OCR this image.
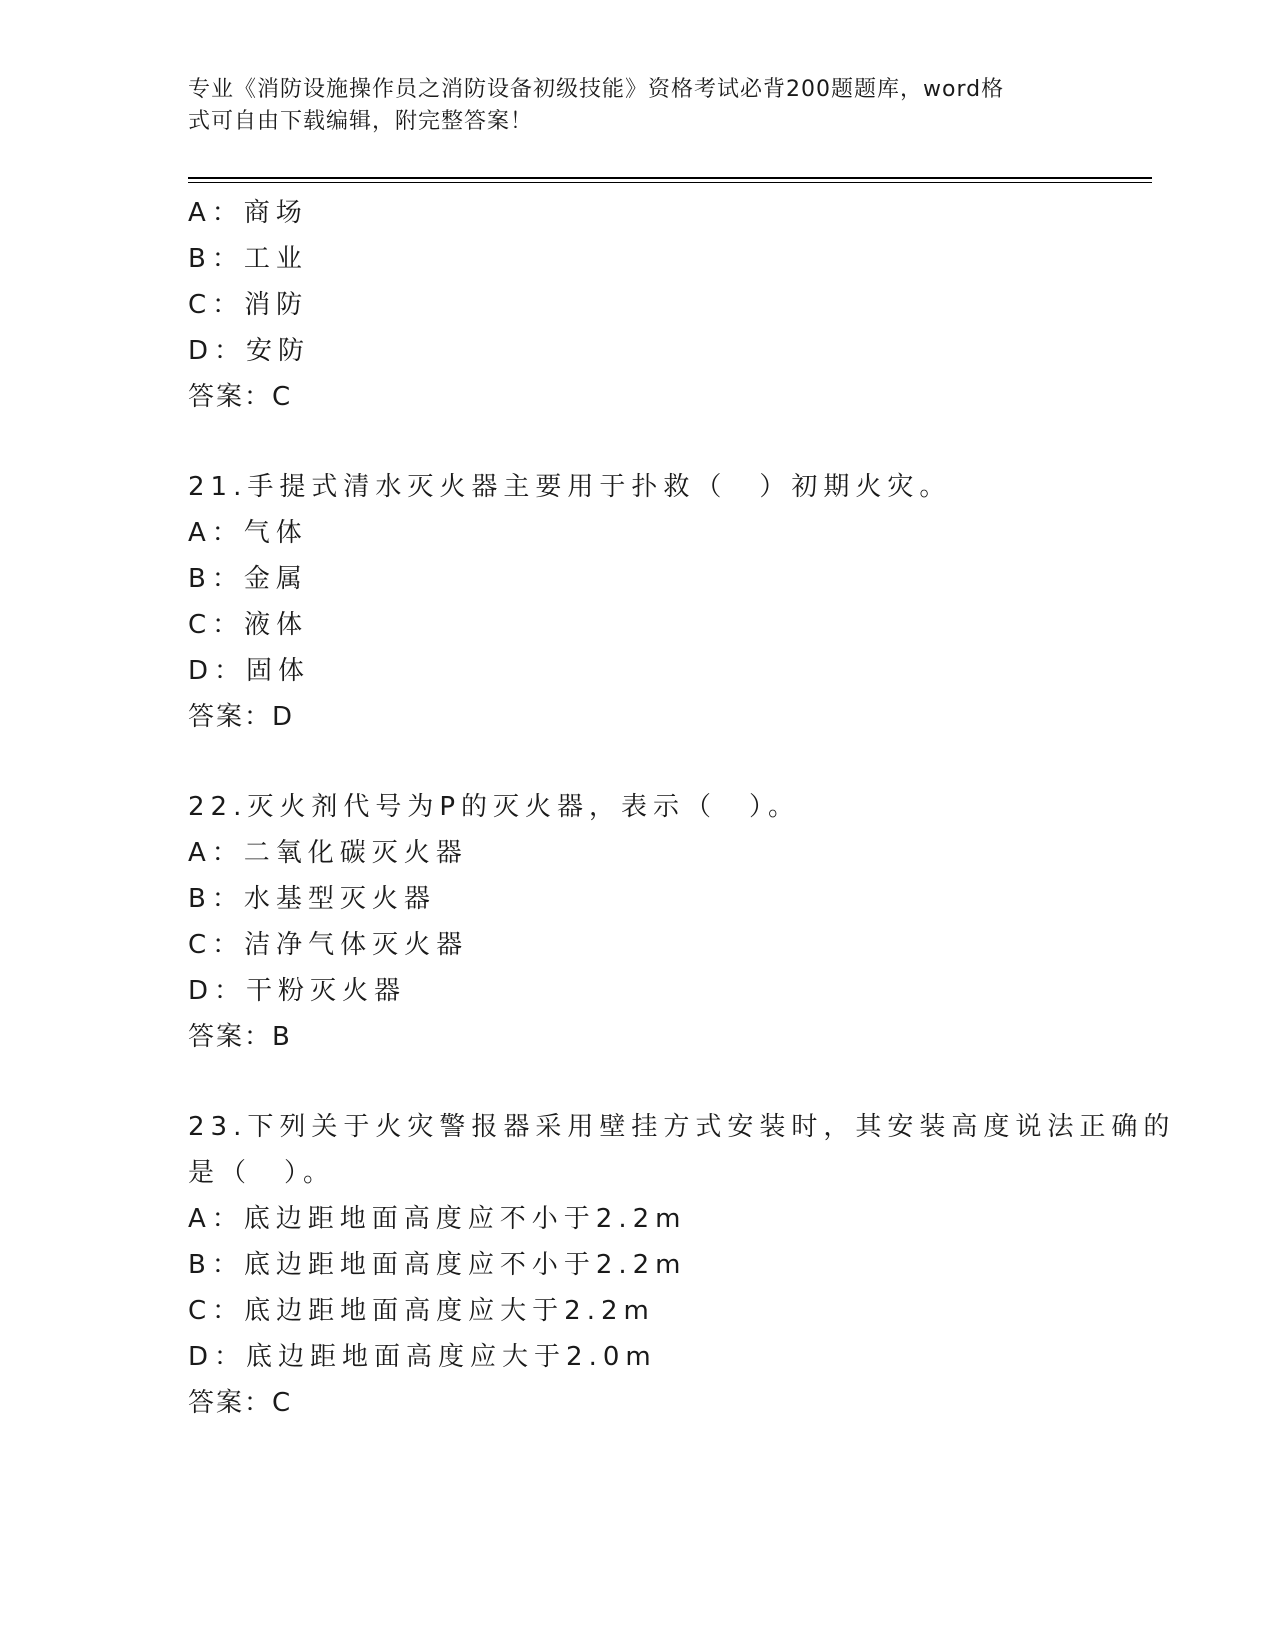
专业《消防设施操作员之消防设备初级技能》资格考试必背200题题库，word格
式可自由下载编辑，附完整答案！
A：商场
B：工业
C：消防
D：安防
答案：C
21.手提式清水灭火器主要用于扑救（　）初期火灾。
A：气体
B：金属
C：液体
D：固体
答案：D
22.灭火剂代号为P的灭火器，表示（　）。
A：二氧化碳灭火器
B：水基型灭火器
C：洁净气体灭火器
D：干粉灭火器
答案：B
23.下列关于火灾警报器采用壁挂方式安装时，其安装高度说法正确的
是（　）。
A：底边距地面高度应不小于2.2m
B：底边距地面高度应不小于2.2m
C：底边距地面高度应大于2.2m
D：底边距地面高度应大于2.0m
答案：C
